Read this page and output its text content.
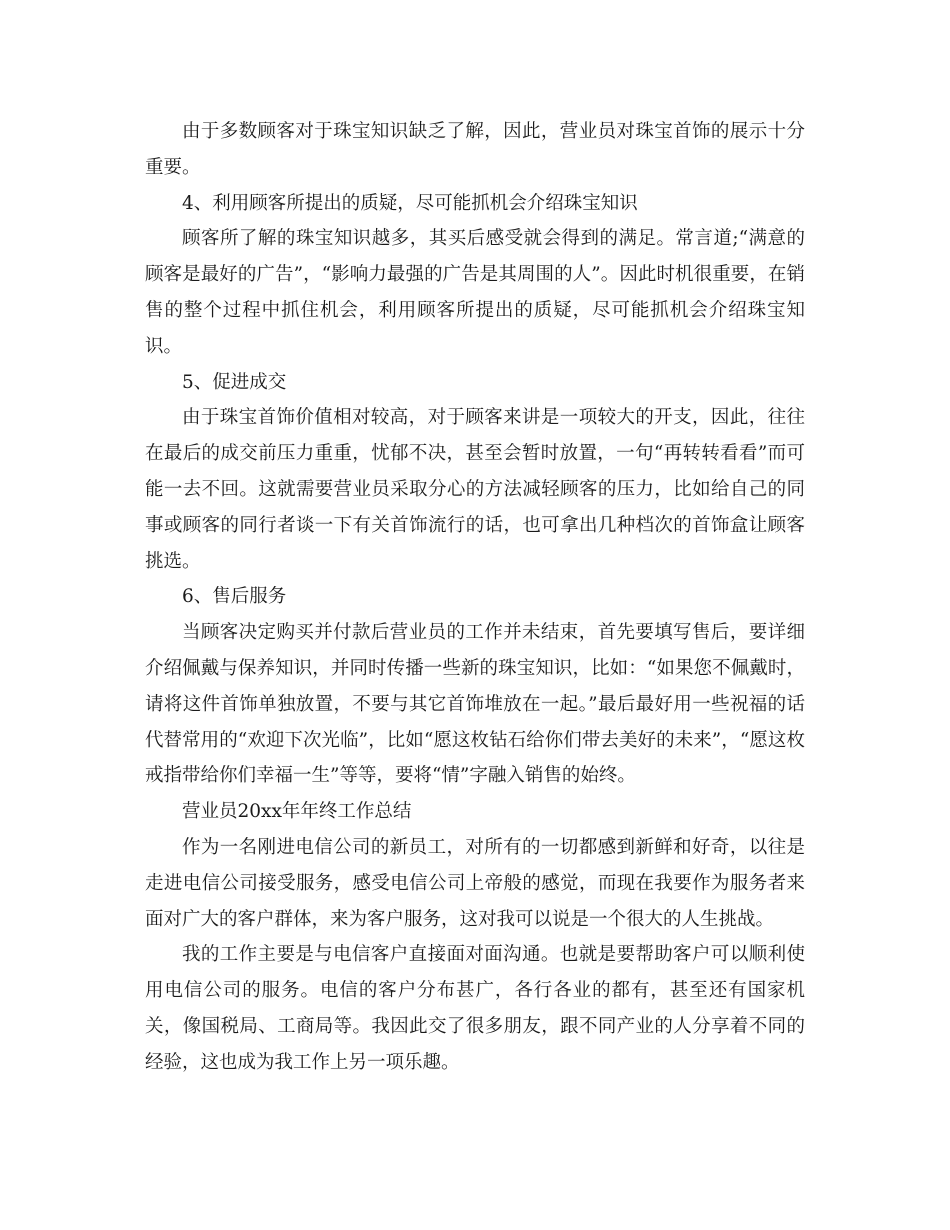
由于多数顾客对于珠宝知识缺乏了解，因此，营业员对珠宝首饰的展示十分重要。

4、利用顾客所提出的质疑，尽可能抓机会介绍珠宝知识

顾客所了解的珠宝知识越多，其买后感受就会得到的满足。常言道;“满意的顾客是最好的广告”，“影响力最强的广告是其周围的人”。因此时机很重要，在销售的整个过程中抓住机会，利用顾客所提出的质疑，尽可能抓机会介绍珠宝知识。

5、促进成交

由于珠宝首饰价值相对较高，对于顾客来讲是一项较大的开支，因此，往往在最后的成交前压力重重，忧郁不决，甚至会暂时放置，一句“再转转看看”而可能一去不回。这就需要营业员采取分心的方法减轻顾客的压力，比如给自己的同事或顾客的同行者谈一下有关首饰流行的话，也可拿出几种档次的首饰盒让顾客挑选。

6、售后服务

当顾客决定购买并付款后营业员的工作并未结束，首先要填写售后，要详细介绍佩戴与保养知识，并同时传播一些新的珠宝知识，比如：“如果您不佩戴时，请将这件首饰单独放置，不要与其它首饰堆放在一起。”最后最好用一些祝福的话代替常用的“欢迎下次光临”，比如“愿这枚钻石给你们带去美好的未来”，“愿这枚戒指带给你们幸福一生”等等，要将“情”字融入销售的始终。

营业员20xx年年终工作总结

作为一名刚进电信公司的新员工，对所有的一切都感到新鲜和好奇，以往是走进电信公司接受服务，感受电信公司上帝般的感觉，而现在我要作为服务者来面对广大的客户群体，来为客户服务，这对我可以说是一个很大的人生挑战。

我的工作主要是与电信客户直接面对面沟通。也就是要帮助客户可以顺利使用电信公司的服务。电信的客户分布甚广，各行各业的都有，甚至还有国家机关，像国税局、工商局等。我因此交了很多朋友，跟不同产业的人分享着不同的经验，这也成为我工作上另一项乐趣。
